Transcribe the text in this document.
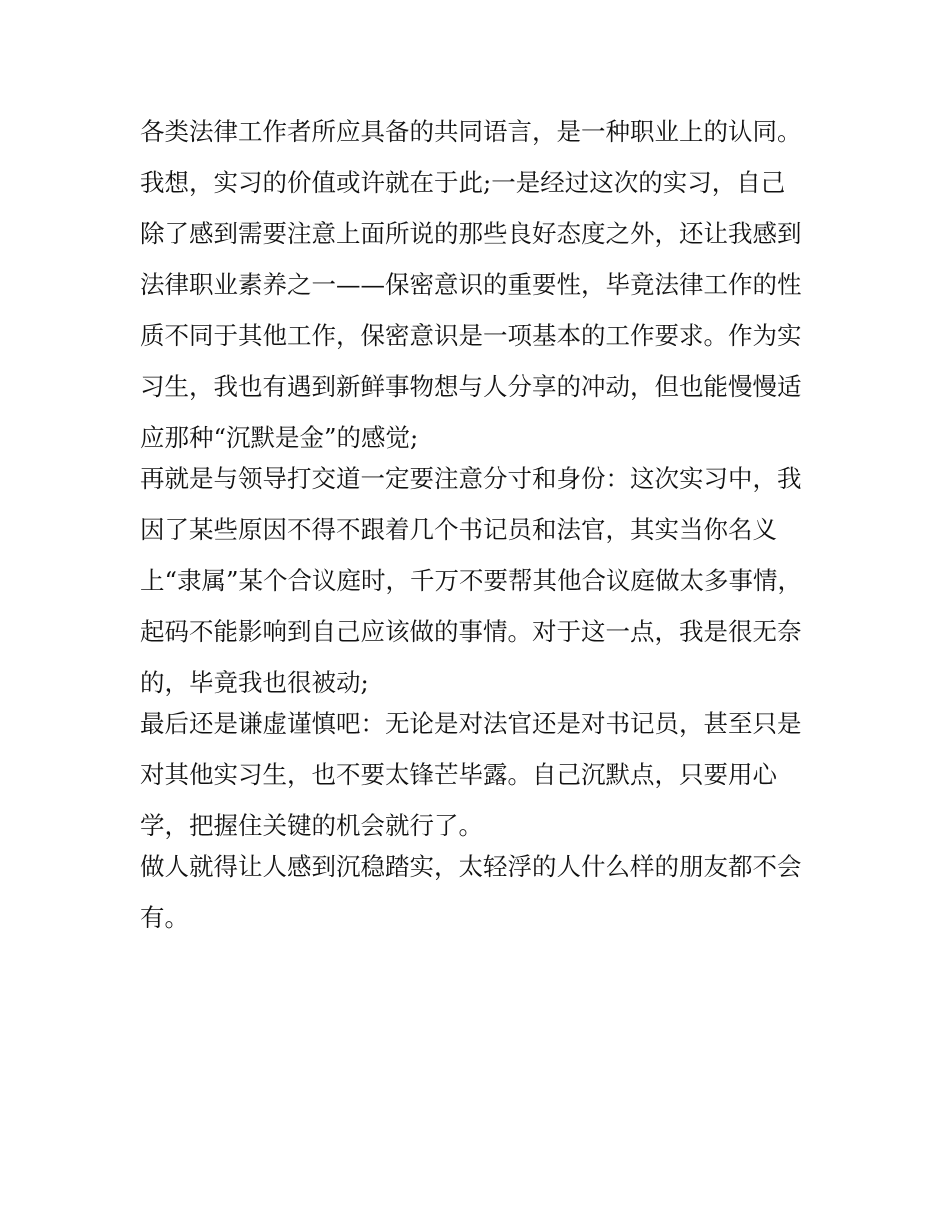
各类法律工作者所应具备的共同语言，是一种职业上的认同。
我想，实习的价值或许就在于此;一是经过这次的实习，自己
除了感到需要注意上面所说的那些良好态度之外，还让我感到
法律职业素养之一——保密意识的重要性，毕竟法律工作的性
质不同于其他工作，保密意识是一项基本的工作要求。作为实
习生，我也有遇到新鲜事物想与人分享的冲动，但也能慢慢适
应那种“沉默是金”的感觉;
再就是与领导打交道一定要注意分寸和身份：这次实习中，我
因了某些原因不得不跟着几个书记员和法官，其实当你名义
上“隶属”某个合议庭时，千万不要帮其他合议庭做太多事情，
起码不能影响到自己应该做的事情。对于这一点，我是很无奈
的，毕竟我也很被动;
最后还是谦虚谨慎吧：无论是对法官还是对书记员，甚至只是
对其他实习生，也不要太锋芒毕露。自己沉默点，只要用心
学，把握住关键的机会就行了。
做人就得让人感到沉稳踏实，太轻浮的人什么样的朋友都不会
有。
